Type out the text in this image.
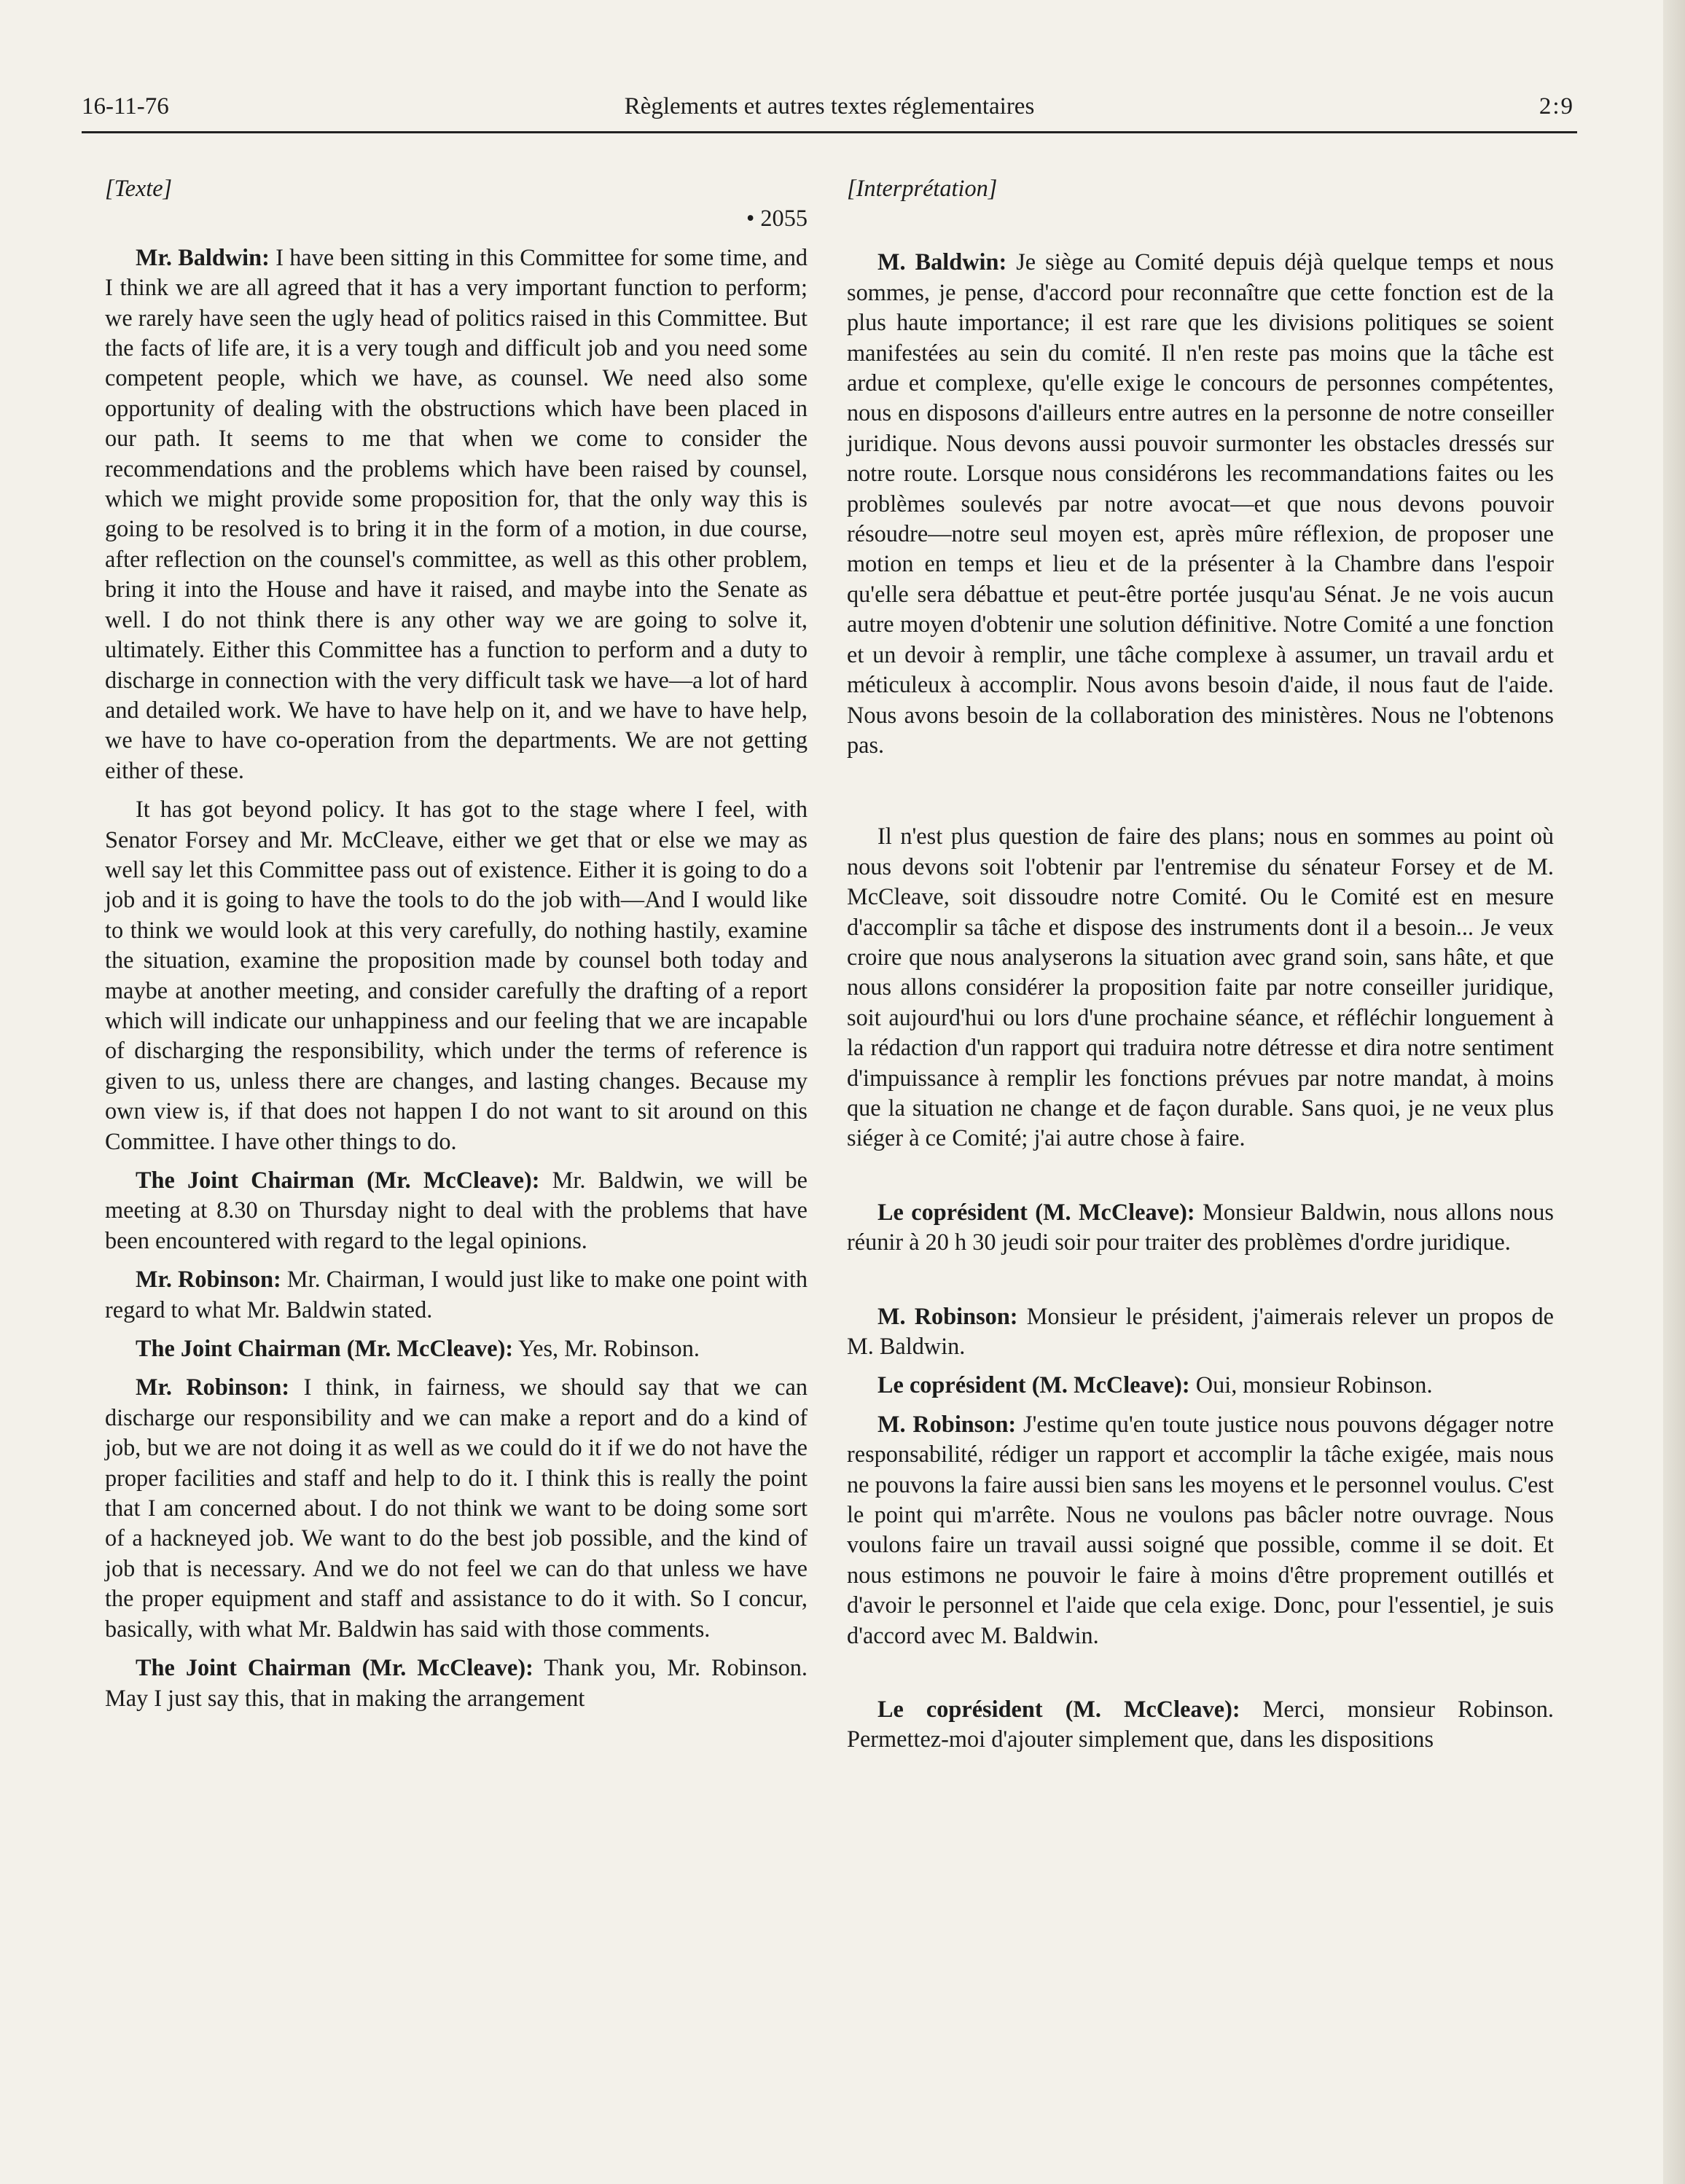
16-11-76	Règlements et autres textes réglementaires	2:9

[Texte]

• 2055

Mr. Baldwin: I have been sitting in this Committee for some time, and I think we are all agreed that it has a very important function to perform; we rarely have seen the ugly head of politics raised in this Committee. But the facts of life are, it is a very tough and difficult job and you need some competent people, which we have, as counsel. We need also some opportunity of dealing with the obstructions which have been placed in our path. It seems to me that when we come to consider the recommendations and the problems which have been raised by counsel, which we might provide some proposition for, that the only way this is going to be resolved is to bring it in the form of a motion, in due course, after reflection on the counsel's committee, as well as this other problem, bring it into the House and have it raised, and maybe into the Senate as well. I do not think there is any other way we are going to solve it, ultimately. Either this Committee has a function to perform and a duty to discharge in connection with the very difficult task we have—a lot of hard and detailed work. We have to have help on it, and we have to have help, we have to have co-operation from the departments. We are not getting either of these.

It has got beyond policy. It has got to the stage where I feel, with Senator Forsey and Mr. McCleave, either we get that or else we may as well say let this Committee pass out of existence. Either it is going to do a job and it is going to have the tools to do the job with—And I would like to think we would look at this very carefully, do nothing hastily, examine the situation, examine the proposition made by counsel both today and maybe at another meeting, and consider carefully the drafting of a report which will indicate our unhappiness and our feeling that we are incapable of discharging the responsibility, which under the terms of reference is given to us, unless there are changes, and lasting changes. Because my own view is, if that does not happen I do not want to sit around on this Committee. I have other things to do.

The Joint Chairman (Mr. McCleave): Mr. Baldwin, we will be meeting at 8.30 on Thursday night to deal with the problems that have been encountered with regard to the legal opinions.

Mr. Robinson: Mr. Chairman, I would just like to make one point with regard to what Mr. Baldwin stated.

The Joint Chairman (Mr. McCleave): Yes, Mr. Robinson.

Mr. Robinson: I think, in fairness, we should say that we can discharge our responsibility and we can make a report and do a kind of job, but we are not doing it as well as we could do it if we do not have the proper facilities and staff and help to do it. I think this is really the point that I am concerned about. I do not think we want to be doing some sort of a hackneyed job. We want to do the best job possible, and the kind of job that is necessary. And we do not feel we can do that unless we have the proper equipment and staff and assistance to do it with. So I concur, basically, with what Mr. Baldwin has said with those comments.

The Joint Chairman (Mr. McCleave): Thank you, Mr. Robinson. May I just say this, that in making the arrangement

[Interprétation]

M. Baldwin: Je siège au Comité depuis déjà quelque temps et nous sommes, je pense, d'accord pour reconnaître que cette fonction est de la plus haute importance; il est rare que les divisions politiques se soient manifestées au sein du comité. Il n'en reste pas moins que la tâche est ardue et complexe, qu'elle exige le concours de personnes compétentes, nous en disposons d'ailleurs entre autres en la personne de notre conseiller juridique. Nous devons aussi pouvoir surmonter les obstacles dressés sur notre route. Lorsque nous considérons les recommandations faites ou les problèmes soulevés par notre avocat—et que nous devons pouvoir résoudre—notre seul moyen est, après mûre réflexion, de proposer une motion en temps et lieu et de la présenter à la Chambre dans l'espoir qu'elle sera débattue et peut-être portée jusqu'au Sénat. Je ne vois aucun autre moyen d'obtenir une solution définitive. Notre Comité a une fonction et un devoir à remplir, une tâche complexe à assumer, un travail ardu et méticuleux à accomplir. Nous avons besoin d'aide, il nous faut de l'aide. Nous avons besoin de la collaboration des ministères. Nous ne l'obtenons pas.

Il n'est plus question de faire des plans; nous en sommes au point où nous devons soit l'obtenir par l'entremise du sénateur Forsey et de M. McCleave, soit dissoudre notre Comité. Ou le Comité est en mesure d'accomplir sa tâche et dispose des instruments dont il a besoin... Je veux croire que nous analyserons la situation avec grand soin, sans hâte, et que nous allons considérer la proposition faite par notre conseiller juridique, soit aujourd'hui ou lors d'une prochaine séance, et réfléchir longuement à la rédaction d'un rapport qui traduira notre détresse et dira notre sentiment d'impuissance à remplir les fonctions prévues par notre mandat, à moins que la situation ne change et de façon durable. Sans quoi, je ne veux plus siéger à ce Comité; j'ai autre chose à faire.

Le coprésident (M. McCleave): Monsieur Baldwin, nous allons nous réunir à 20 h 30 jeudi soir pour traiter des problèmes d'ordre juridique.

M. Robinson: Monsieur le président, j'aimerais relever un propos de M. Baldwin.

Le coprésident (M. McCleave): Oui, monsieur Robinson.

M. Robinson: J'estime qu'en toute justice nous pouvons dégager notre responsabilité, rédiger un rapport et accomplir la tâche exigée, mais nous ne pouvons la faire aussi bien sans les moyens et le personnel voulus. C'est le point qui m'arrête. Nous ne voulons pas bâcler notre ouvrage. Nous voulons faire un travail aussi soigné que possible, comme il se doit. Et nous estimons ne pouvoir le faire à moins d'être proprement outillés et d'avoir le personnel et l'aide que cela exige. Donc, pour l'essentiel, je suis d'accord avec M. Baldwin.

Le coprésident (M. McCleave): Merci, monsieur Robinson. Permettez-moi d'ajouter simplement que, dans les dispositions
